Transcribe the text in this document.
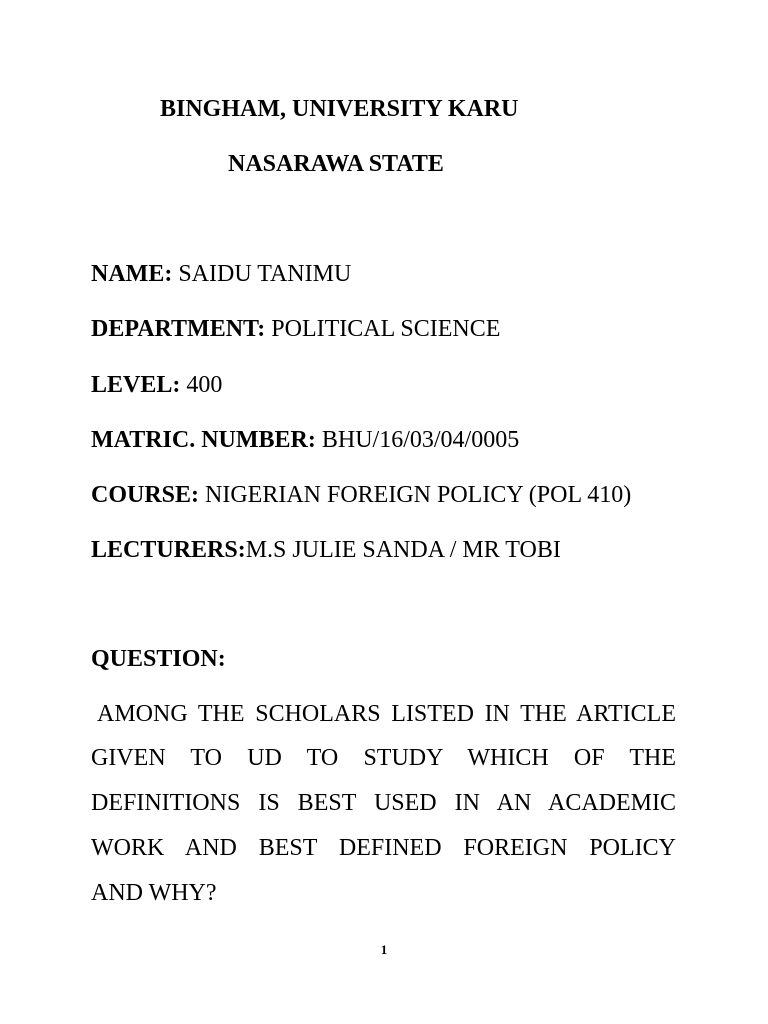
BINGHAM, UNIVERSITY KARU
NASARAWA STATE
NAME: SAIDU TANIMU
DEPARTMENT: POLITICAL SCIENCE
LEVEL: 400
MATRIC. NUMBER: BHU/16/03/04/0005
COURSE: NIGERIAN FOREIGN POLICY (POL 410)
LECTURERS:M.S JULIE SANDA / MR TOBI
QUESTION:
AMONG THE SCHOLARS LISTED IN THE ARTICLE
GIVEN TO UD TO STUDY WHICH OF THE
DEFINITIONS IS BEST USED IN AN ACADEMIC
WORK AND BEST DEFINED FOREIGN POLICY
AND WHY?
1
